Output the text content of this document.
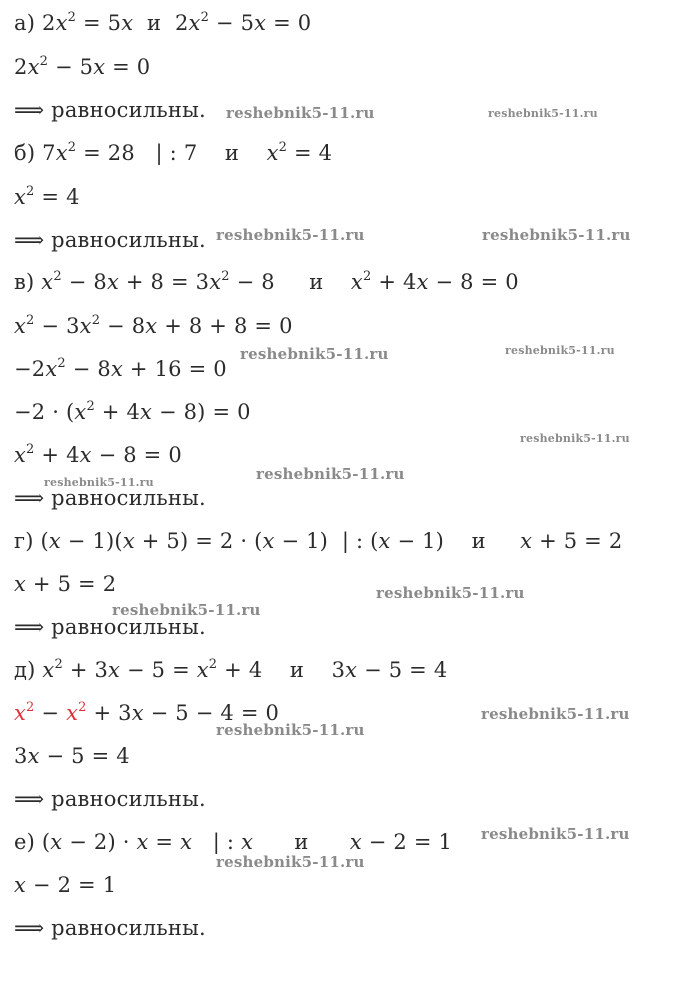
а) $2x^2 = 5x$  и  $2x^2 - 5x = 0$
$2x^2 - 5x = 0$
⟹ равносильны.
б) $7x^2 = 28$   | : 7    и    $x^2 = 4$
$x^2 = 4$
⟹ равносильны.
в) $x^2 - 8x + 8 = 3x^2 - 8$     и    $x^2 + 4x - 8 = 0$
$x^2 - 3x^2 - 8x + 8 + 8 = 0$
$-2x^2 - 8x + 16 = 0$
$-2 \cdot (x^2 + 4x - 8) = 0$
$x^2 + 4x - 8 = 0$
⟹ равносильны.
г) (x − 1)(x + 5) = 2 · (x − 1)  | : (x − 1)    и     x + 5 = 2
x + 5 = 2
⟹ равносильны.
д) $x^2 + 3x - 5 = x^2 + 4$    и    3x − 5 = 4
$x^2 - x^2 + 3x - 5 - 4 = 0$
3x − 5 = 4
⟹ равносильны.
е) (x − 2) · x = x   | : x      и      x − 2 = 1
x − 2 = 1
⟹ равносильны.
reshebnik5-11.ru	reshebnik5-11.ru
reshebnik5-11.ru	reshebnik5-11.ru
reshebnik5-11.ru	reshebnik5-11.ru
reshebnik5-11.ru
reshebnik5-11.ru
reshebnik5-11.ru
reshebnik5-11.ru
reshebnik5-11.ru
reshebnik5-11.ru
reshebnik5-11.ru
reshebnik5-11.ru
reshebnik5-11.ru
